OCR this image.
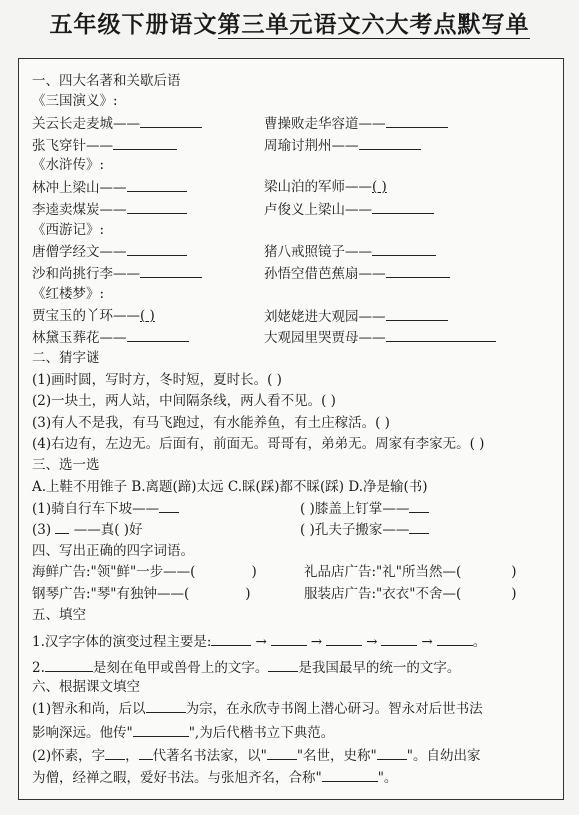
五年级下册语文第三单元语文六大考点默写单
一、四大名著和关歇后语
《三国演义》:
关云长走麦城——	曹操败走华容道——
张飞穿针——	周瑜讨荆州——
《水浒传》:
林冲上梁山——	梁山泊的军师——( )
李逵卖煤炭——	卢俊义上梁山——
《西游记》:
唐僧学经文——	猪八戒照镜子——
沙和尚挑行李——	孙悟空借芭蕉扇——
《红楼梦》:
贾宝玉的丫环——( )	刘姥姥进大观园——
林黛玉葬花——	大观园里哭贾母——
二、猜字谜
(1)画时圆，写时方，冬时短，夏时长。( )
(2)一块土，两人站，中间隔条线，两人看不见。( )
(3)有人不是我，有马飞跑过，有水能养鱼，有土庄稼活。( )
(4)右边有，左边无。后面有，前面无。哥哥有，弟弟无。周家有李家无。( )
三、选一选
A.上鞋不用锥子 B.离题(蹄)太远 C.睬(踩)都不睬(踩) D.净是输(书)
(1)骑自行车下坡——	( )膝盖上钉掌——
(3) ——真( )好	( )孔夫子搬家——
四、写出正确的四字词语。
海鲜广告:"领"鲜"一步——(	)	礼品店广告:"礼"所当然—(	)
钢琴广告:"琴"有独钟——(	)	服装店广告:"衣衣"不舍—(	)
五、填空
1.汉字字体的演变过程主要是:	→	→	→	→	。
2.	是刻在龟甲或兽骨上的文字。 是我国最早的统一的文字。
六、根据课文填空
(1)智永和尚，后以	为宗，在永欣寺书阁上潜心研习。智永对后世书法
影响深远。他传"	",为后代楷书立下典范。
(2)怀素，字 ， 代著名书法家，以" "名世，史称" "。自幼出家
为僧，经禅之暇，爱好书法。与张旭齐名，合称"	"。
